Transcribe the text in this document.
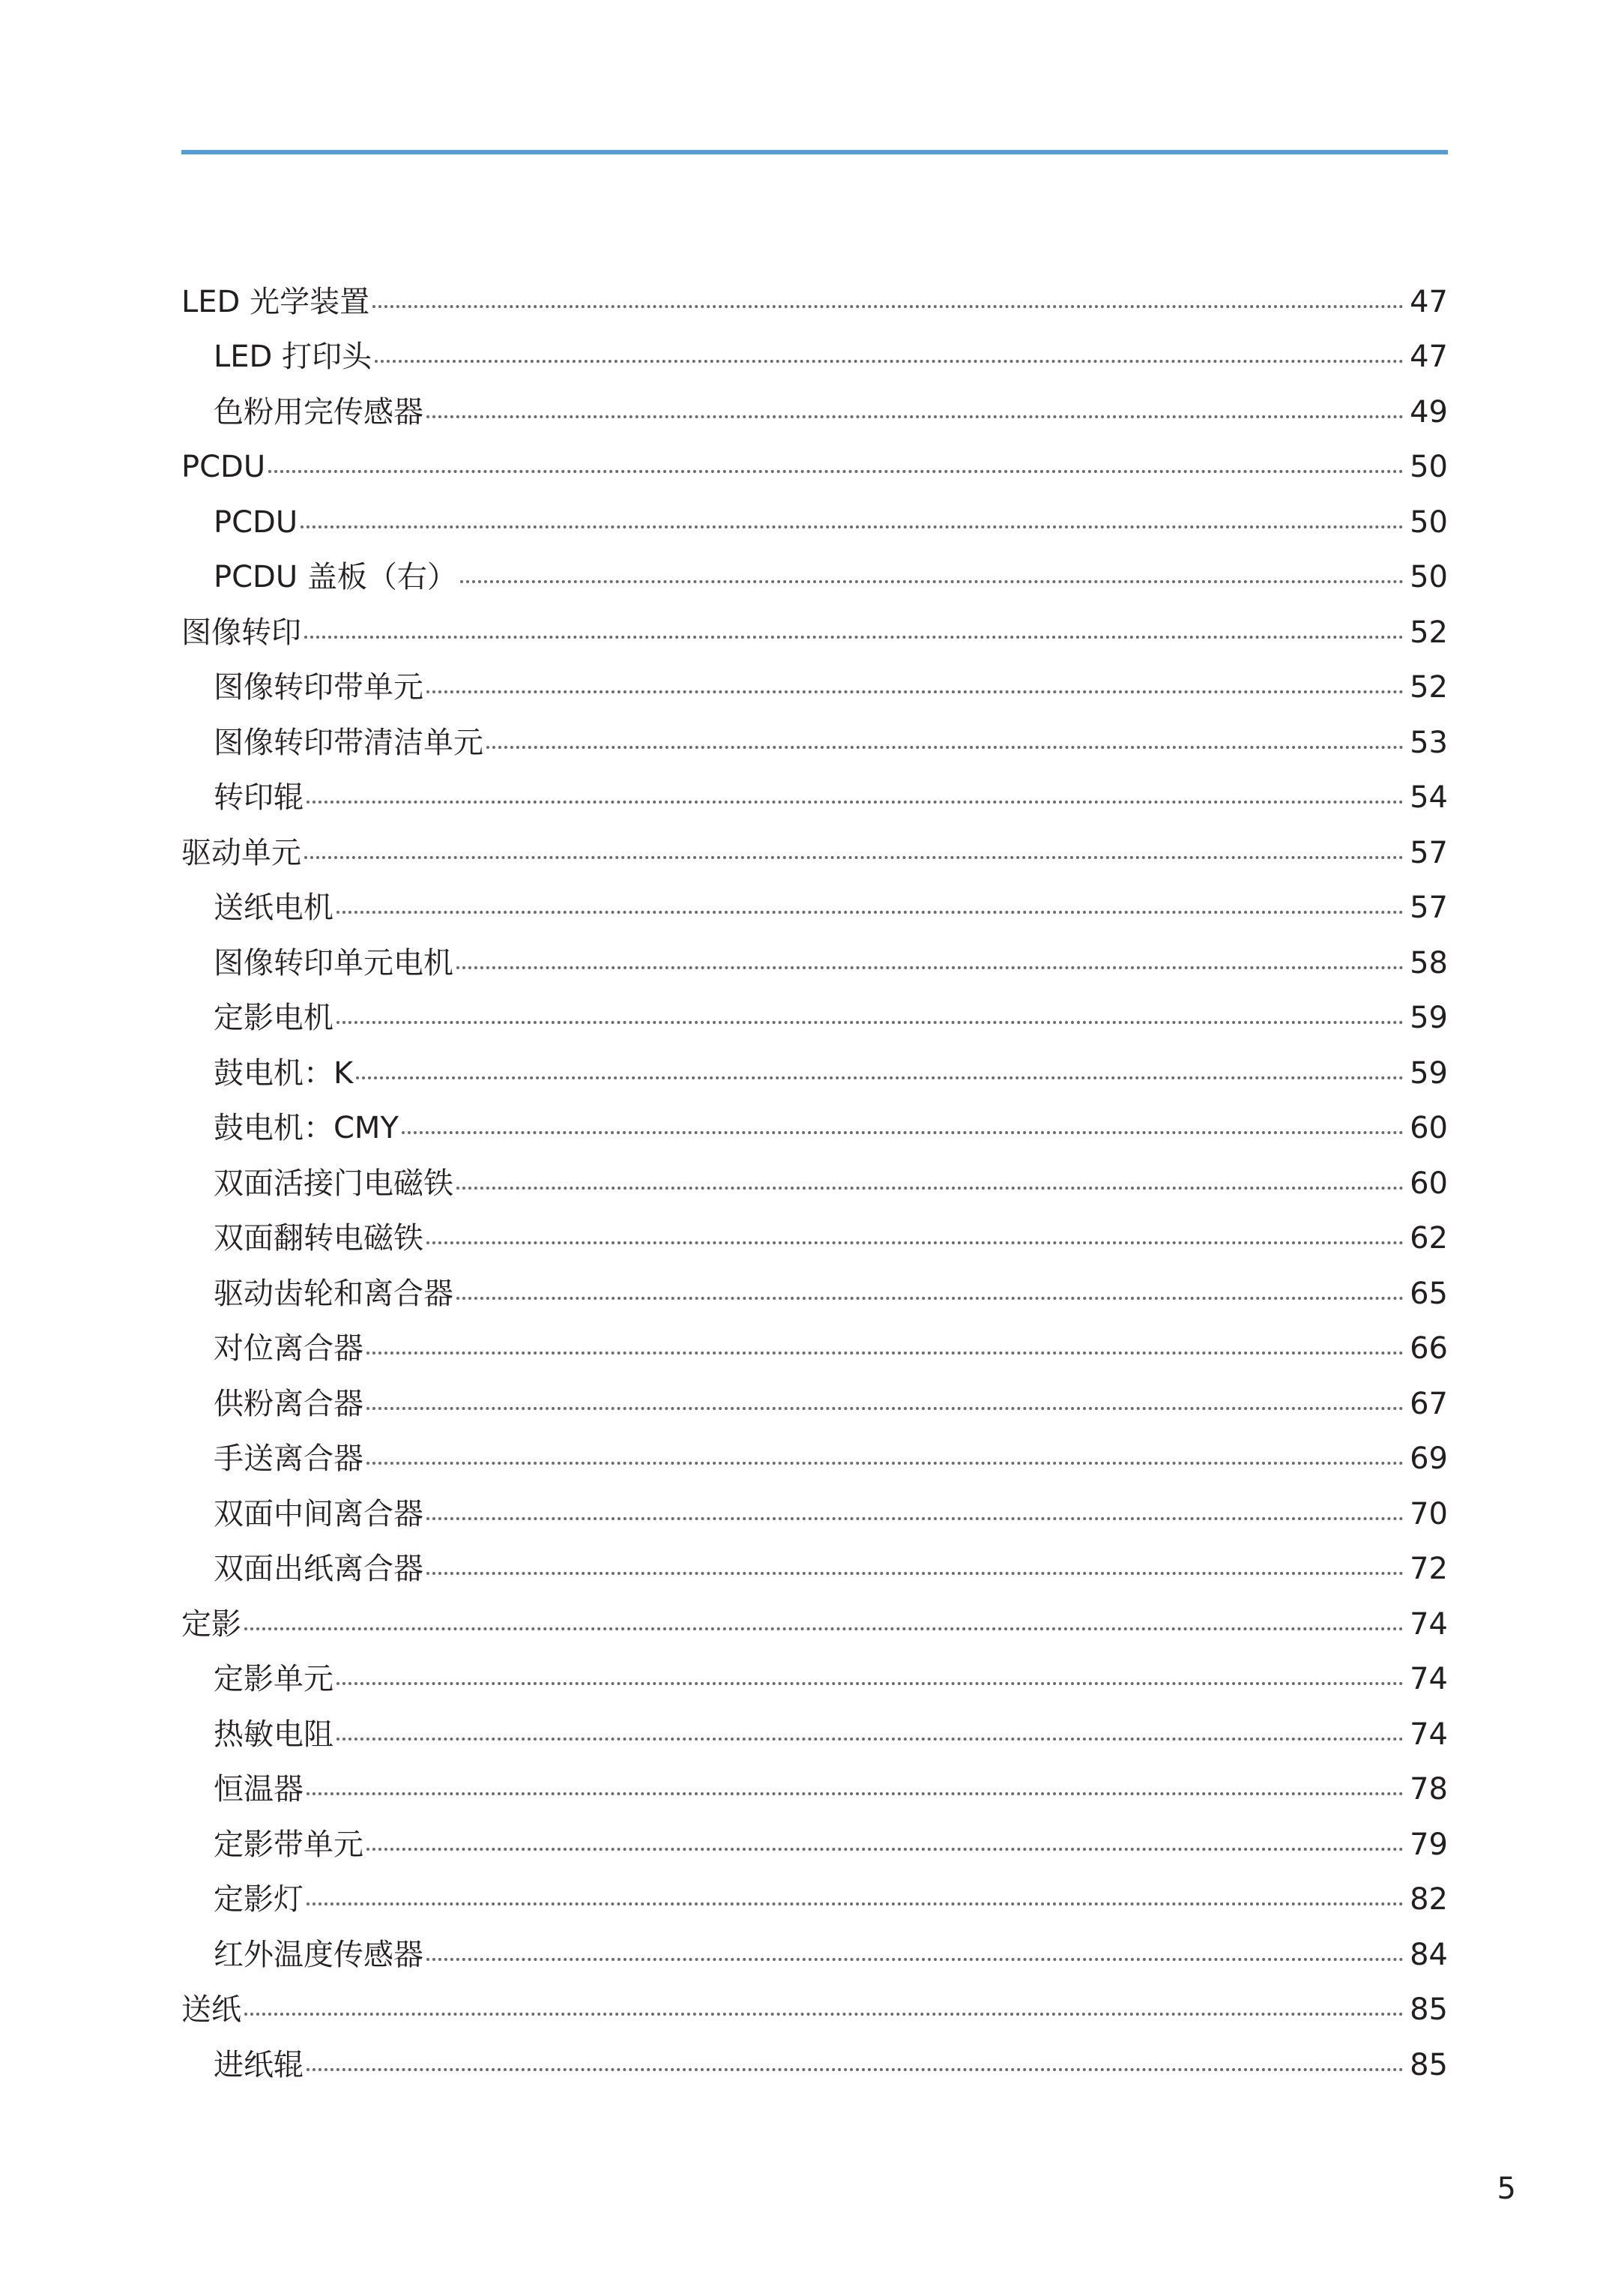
LED 光学装置	47
LED 打印头	47
色粉用完传感器	49
PCDU	50
PCDU	50
PCDU 盖板（右）	50
图像转印	52
图像转印带单元	52
图像转印带清洁单元	53
转印辊	54
驱动单元	57
送纸电机	57
图像转印单元电机	58
定影电机	59
鼓电机：K	59
鼓电机：CMY	60
双面活接门电磁铁	60
双面翻转电磁铁	62
驱动齿轮和离合器	65
对位离合器	66
供粉离合器	67
手送离合器	69
双面中间离合器	70
双面出纸离合器	72
定影	74
定影单元	74
热敏电阻	74
恒温器	78
定影带单元	79
定影灯	82
红外温度传感器	84
送纸	85
进纸辊	85
5
